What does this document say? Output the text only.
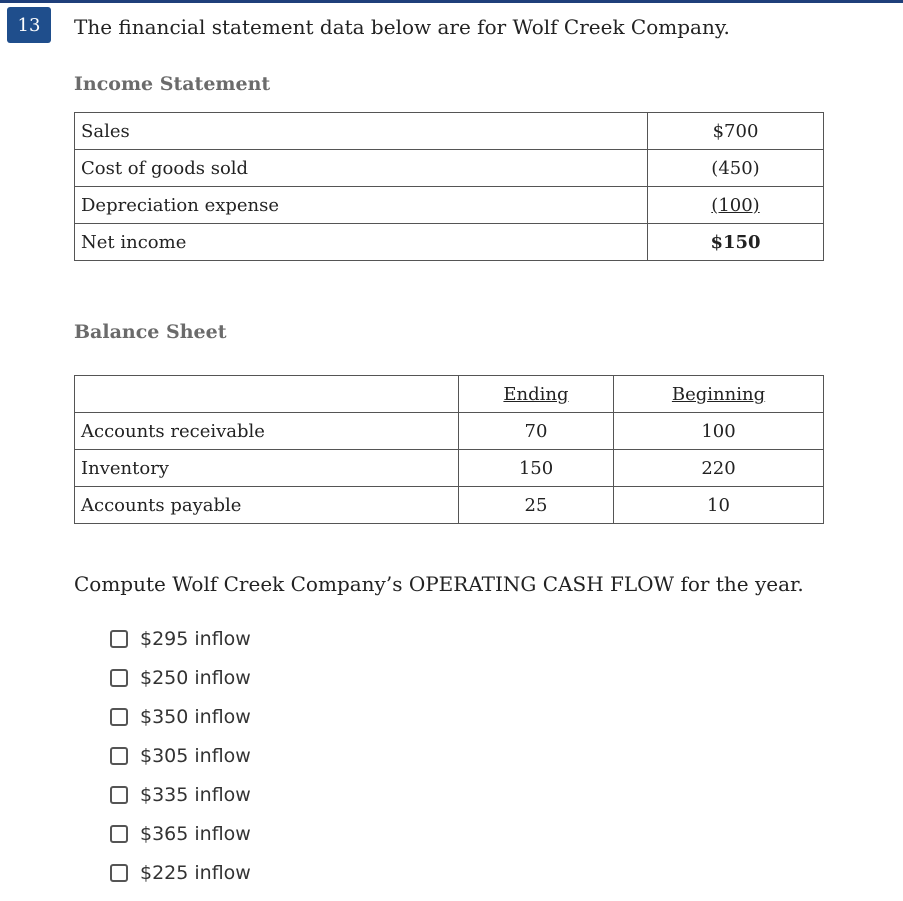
13	The financial statement data below are for Wolf Creek Company.
Income Statement
Sales	$700
Cost of goods sold	(450)
Depreciation expense	(100)
Net income	$150
Balance Sheet
	Ending	Beginning
Accounts receivable	70	100
Inventory	150	220
Accounts payable	25	10
Compute Wolf Creek Company’s OPERATING CASH FLOW for the year.
$295 inflow
$250 inflow
$350 inflow
$305 inflow
$335 inflow
$365 inflow
$225 inflow
